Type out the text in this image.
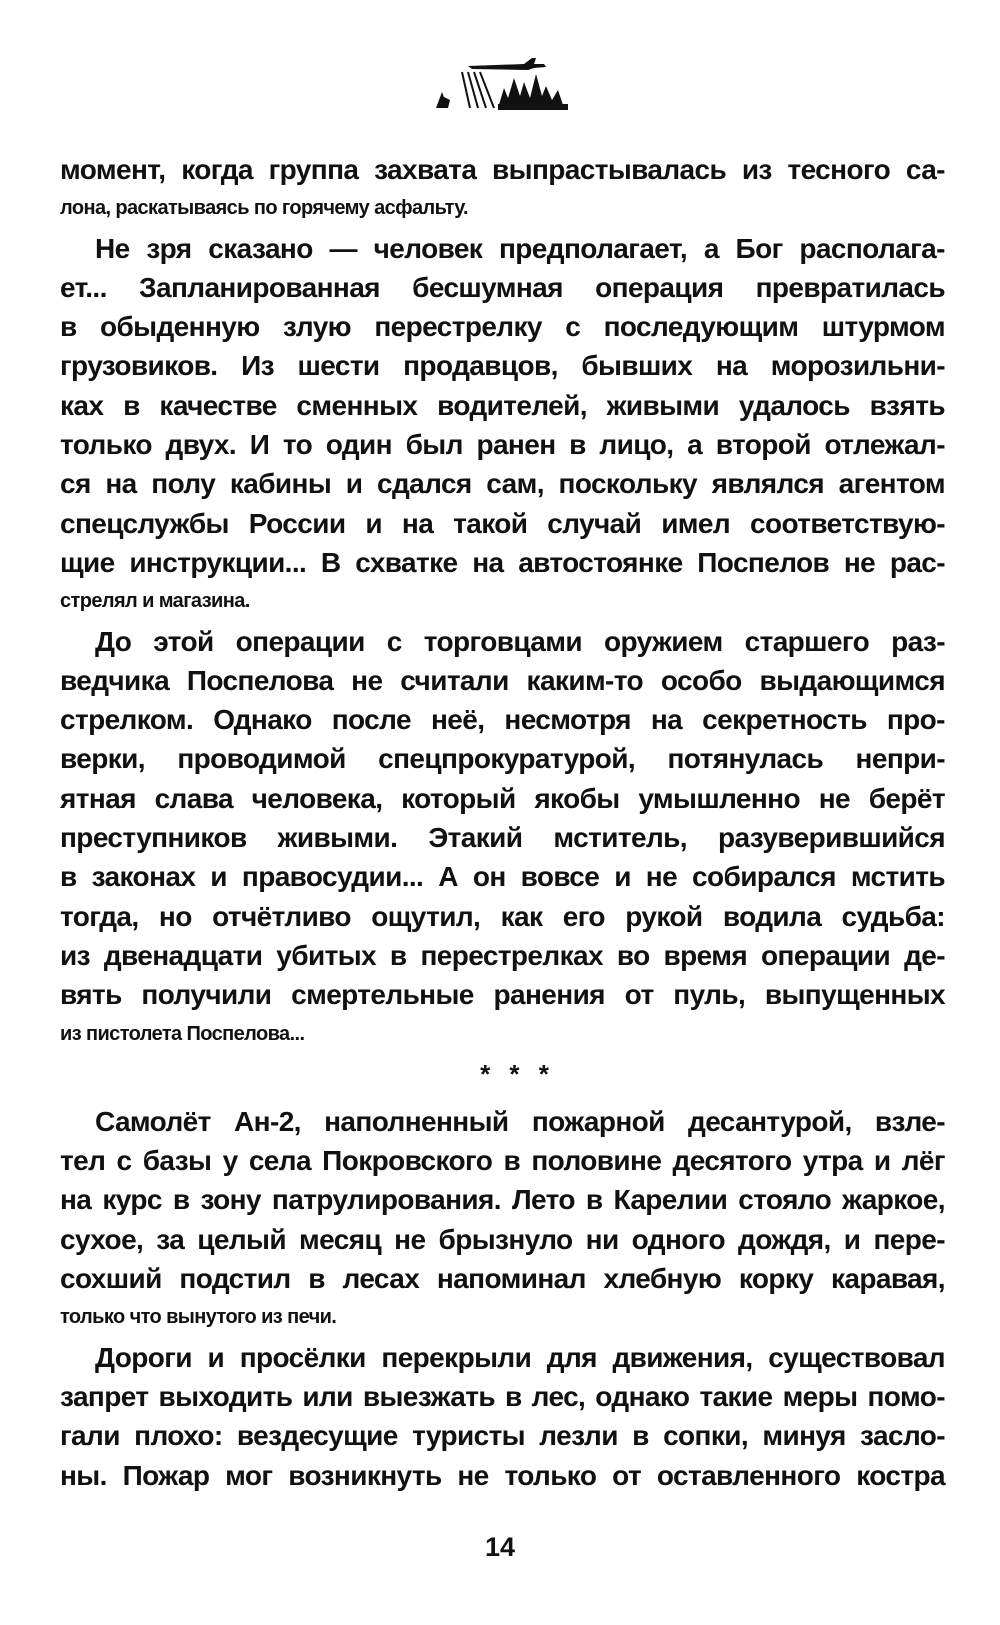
момент, когда группа захвата выпрастывалась из тесного са-
лона, раскатываясь по горячему асфальту.
Не зря сказано — человек предполагает, а Бог располага-
ет... Запланированная бесшумная операция превратилась
в обыденную злую перестрелку с последующим штурмом
грузовиков. Из шести продавцов, бывших на морозильни-
ках в качестве сменных водителей, живыми удалось взять
только двух. И то один был ранен в лицо, а второй отлежал-
ся на полу кабины и сдался сам, поскольку являлся агентом
спецслужбы России и на такой случай имел соответствую-
щие инструкции... В схватке на автостоянке Поспелов не рас-
стрелял и магазина.
До этой операции с торговцами оружием старшего раз-
ведчика Поспелова не считали каким-то особо выдающимся
стрелком. Однако после неё, несмотря на секретность про-
верки, проводимой спецпрокуратурой, потянулась непри-
ятная слава человека, который якобы умышленно не берёт
преступников живыми. Этакий мститель, разуверившийся
в законах и правосудии... А он вовсе и не собирался мстить
тогда, но отчётливо ощутил, как его рукой водила судьба:
из двенадцати убитых в перестрелках во время операции де-
вять получили смертельные ранения от пуль, выпущенных
из пистолета Поспелова...
* * *
Самолёт Ан-2, наполненный пожарной десантурой, взле-
тел с базы у села Покровского в половине десятого утра и лёг
на курс в зону патрулирования. Лето в Карелии стояло жаркое,
сухое, за целый месяц не брызнуло ни одного дождя, и пере-
сохший подстил в лесах напоминал хлебную корку каравая,
только что вынутого из печи.
Дороги и просёлки перекрыли для движения, существовал
запрет выходить или выезжать в лес, однако такие меры помо-
гали плохо: вездесущие туристы лезли в сопки, минуя засло-
ны. Пожар мог возникнуть не только от оставленного костра
14
